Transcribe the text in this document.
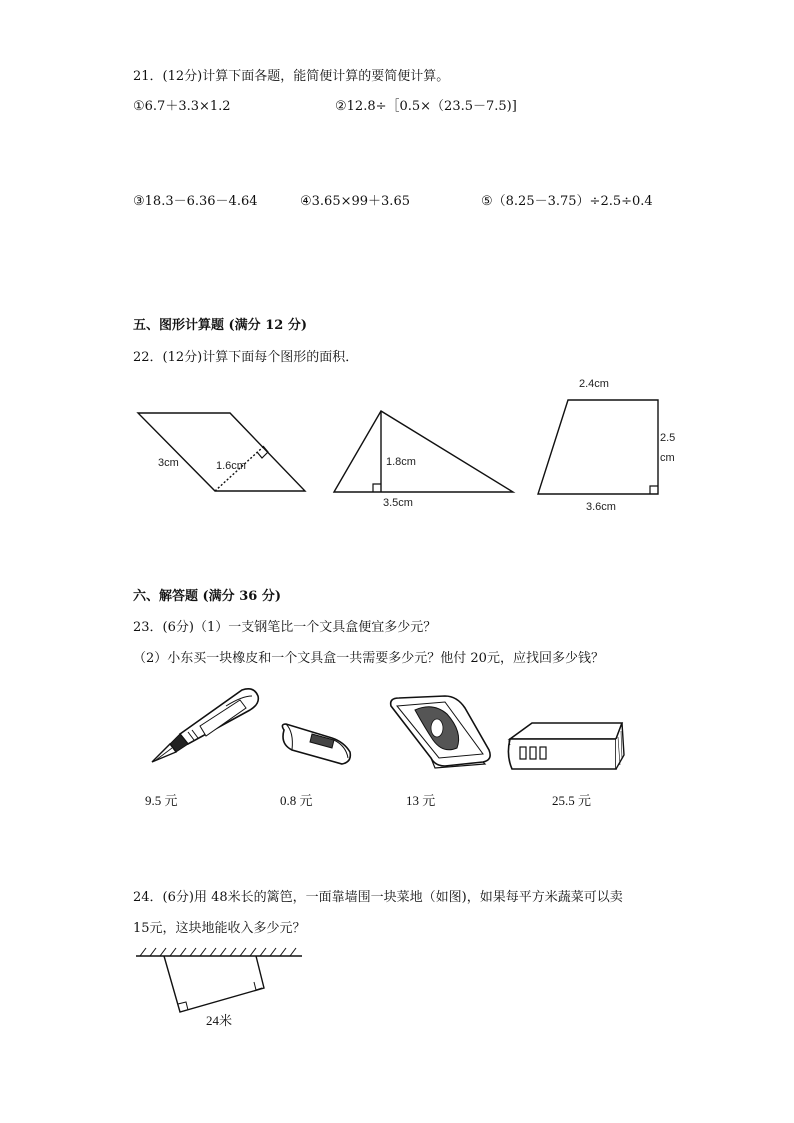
21．(12分)计算下面各题，能简便计算的要简便计算。
①6.7＋3.3×1.2	②12.8÷［0.5×（23.5－7.5)]
③18.3－6.36－4.64	④3.65×99＋3.65	⑤（8.25－3.75）÷2.5÷0.4
五、图形计算题 (满分 12 分)
22．(12分)计算下面每个图形的面积．
3cm	1.6cm	1.8cm
3.5cm
2.4cm
2.5
cm
3.6cm
六、解答题 (满分 36 分)
23．(6分)（1）一支钢笔比一个文具盒便宜多少元？
（2）小东买一块橡皮和一个文具盒一共需要多少元？他付 20元，应找回多少钱？
9.5 元	0.8 元	13 元	25.5 元
24．(6分)用 48米长的篱笆，一面靠墙围一块菜地（如图)，如果每平方米蔬菜可以卖
15元，这块地能收入多少元？
24米
